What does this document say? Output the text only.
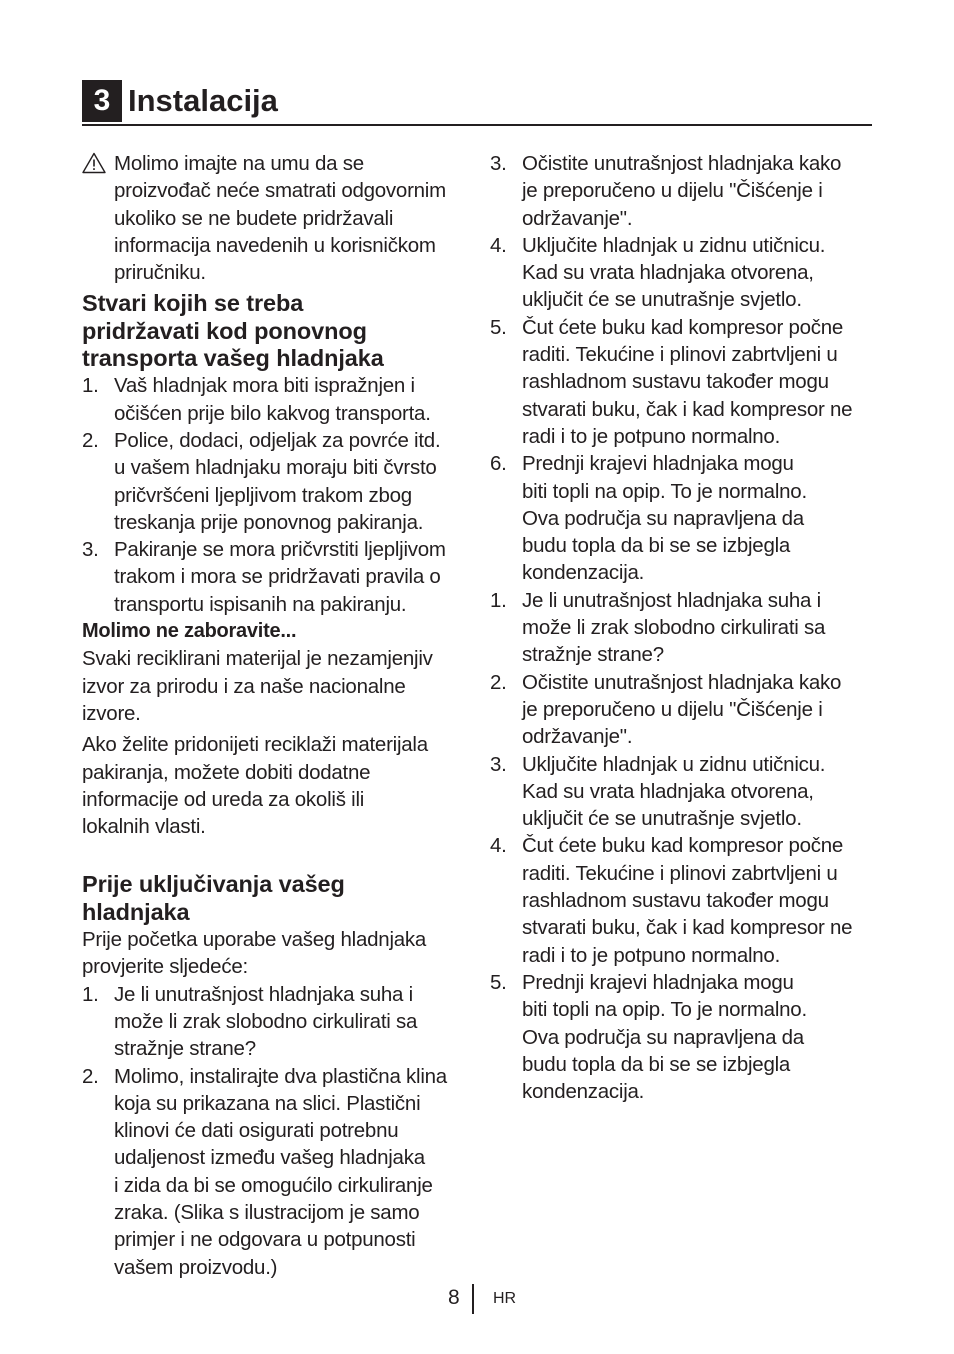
3 Instalacija

Molimo imajte na umu da se
proizvođač neće smatrati odgovornim
ukoliko se ne budete pridržavali
informacija navedenih u korisničkom
priručniku.

Stvari kojih se treba
pridržavati kod ponovnog
transporta vašeg hladnjaka
1. Vaš hladnjak mora biti ispražnjen i
očišćen prije bilo kakvog transporta.
2. Police, dodaci, odjeljak za povrće itd.
u vašem hladnjaku moraju biti čvrsto
pričvršćeni ljepljivom trakom zbog
treskanja prije ponovnog pakiranja.
3. Pakiranje se mora pričvrstiti ljepljivom
trakom i mora se pridržavati pravila o
transportu ispisanih na pakiranju.
Molimo ne zaboravite...

Svaki reciklirani materijal je nezamjenjiv
izvor za prirodu i za naše nacionalne
izvore.

Ako želite pridonijeti reciklaži materijala
pakiranja, možete dobiti dodatne
informacije od ureda za okoliš ili
lokalnih vlasti.

Prije uključivanja vašeg
hladnjaka

Prije početka uporabe vašeg hladnjaka
provjerite sljedeće:

1. Je li unutrašnjost hladnjaka suha i
može li zrak slobodno cirkulirati sa
stražnje strane?
2. Molimo, instalirajte dva plastična klina
koja su prikazana na slici. Plastični
klinovi će dati osigurati potrebnu
udaljenost između vašeg hladnjaka
i zida da bi se omogućilo cirkuliranje
zraka. (Slika s ilustracijom je samo
primjer i ne odgovara u potpunosti
vašem proizvodu.)
3. Očistite unutrašnjost hladnjaka kako
je preporučeno u dijelu "Čišćenje i
održavanje".
4. Uključite hladnjak u zidnu utičnicu.
Kad su vrata hladnjaka otvorena,
uključit će se unutrašnje svjetlo.
5. Čut ćete buku kad kompresor počne
raditi. Tekućine i plinovi zabrtvljeni u
rashladnom sustavu također mogu
stvarati buku, čak i kad kompresor ne
radi i to je potpuno normalno.
6. Prednji krajevi hladnjaka mogu
biti topli na opip. To je normalno.
Ova područja su napravljena da
budu topla da bi se se izbjegla
kondenzacija.
1. Je li unutrašnjost hladnjaka suha i
može li zrak slobodno cirkulirati sa
stražnje strane?
2. Očistite unutrašnjost hladnjaka kako
je preporučeno u dijelu "Čišćenje i
održavanje".
3. Uključite hladnjak u zidnu utičnicu.
Kad su vrata hladnjaka otvorena,
uključit će se unutrašnje svjetlo.
4. Čut ćete buku kad kompresor počne
raditi. Tekućine i plinovi zabrtvljeni u
rashladnom sustavu također mogu
stvarati buku, čak i kad kompresor ne
radi i to je potpuno normalno.
5. Prednji krajevi hladnjaka mogu
biti topli na opip. To je normalno.
Ova područja su napravljena da
budu topla da bi se se izbjegla
kondenzacija.
8 HR
